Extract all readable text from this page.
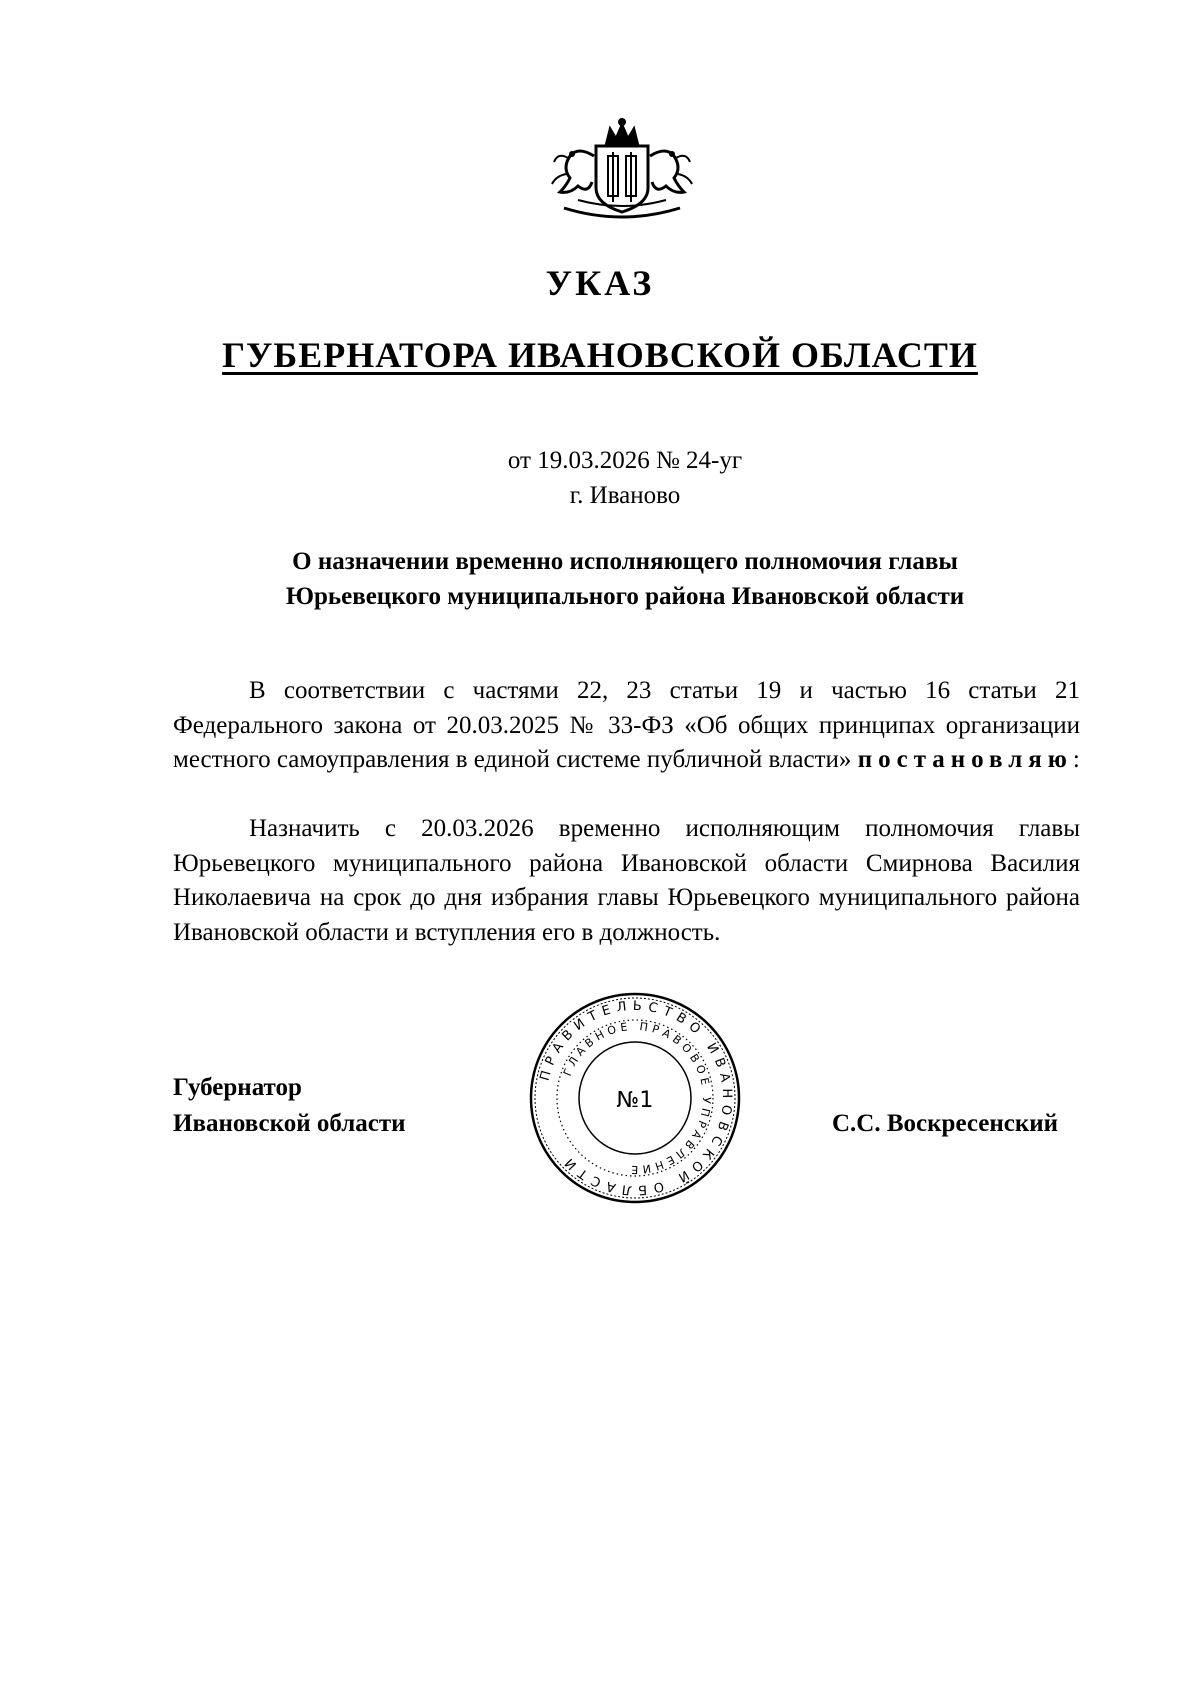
УКАЗ
ГУБЕРНАТОРА ИВАНОВСКОЙ ОБЛАСТИ
от 19.03.2026 № 24-уг
г. Иваново
О назначении временно исполняющего полномочия главы
Юрьевецкого муниципального района Ивановской области
В соответствии с частями 22, 23 статьи 19 и частью 16 статьи 21 Федерального закона от 20.03.2025 № 33-ФЗ «Об общих принципах организации местного самоуправления в единой системе публичной власти» постановляю:
Назначить с 20.03.2026 временно исполняющим полномочия главы Юрьевецкого муниципального района Ивановской области Смирнова Василия Николаевича на срок до дня избрания главы Юрьевецкого муниципального района Ивановской области и вступления его в должность.
Губернатор
Ивановской области	С.С. Воскресенский
ПРАВИТЕЛЬСТВО ИВАНОВСКОЙ ОБЛАСТИ
ГЛАВНОЕ ПРАВОВОЕ УПРАВЛЕНИЕ
№1
